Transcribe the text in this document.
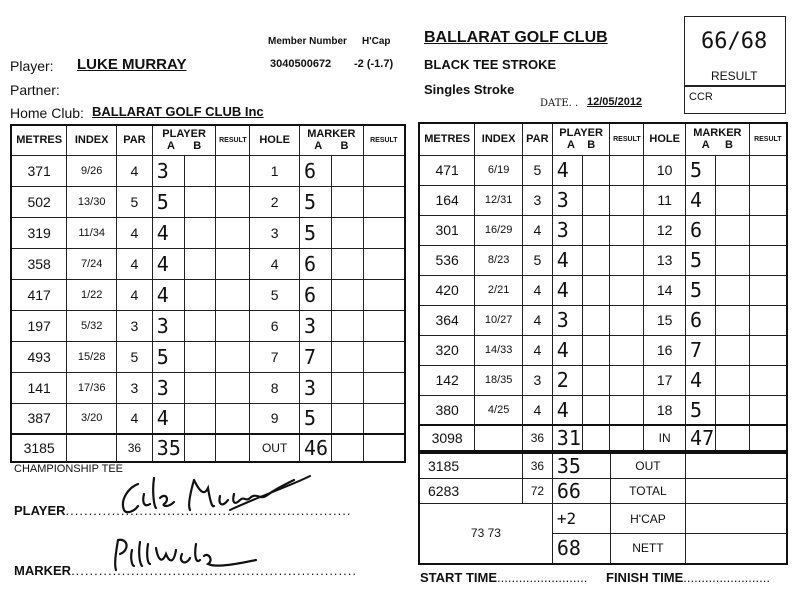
Member Number H'Cap
Player: LUKE MURRAY	3040500672 -2 (-1.7)
Partner:
Home Club: BALLARAT GOLF CLUB Inc
BALLARAT GOLF CLUB
BLACK TEE STROKE
Singles Stroke
DATE. . 12/05/2012
66/68
RESULT
CCR
METRES	INDEX	PAR	PLAYER
A B		RESULT	HOLE	MARKER
A B		RESULT
371	9/26	4	3			1	6		
502	13/30	5	5			2	5		
319	11/34	4	4			3	5		
358	7/24	4	4			4	6		
417	1/22	4	4			5	6		
197	5/32	3	3			6	3		
493	15/28	5	5			7	7		
141	17/36	3	3			8	3		
387	3/20	4	4			9	5		
3185		36	35			OUT	46		
METRES	INDEX	PAR	PLAYER
A B		RESULT	HOLE	MARKER
A B		RESULT
471	6/19	5	4			10	5		
164	12/31	3	3			11	4		
301	16/29	4	3			12	6		
536	8/23	5	4			13	5		
420	2/21	4	4			14	5		
364	10/27	4	3			15	6		
320	14/33	4	4			16	7		
142	18/35	3	2			17	4		
380	4/25	4	4			18	5		
3098		36	31			IN	47		
3185	36	35	OUT	
6283	72	66	TOTAL	
73 73		+2	H'CAP	
		68	NETT	
CHAMPIONSHIP TEE
PLAYER..............................................................
MARKER..............................................................	START TIME......................... FINISH TIME........................
